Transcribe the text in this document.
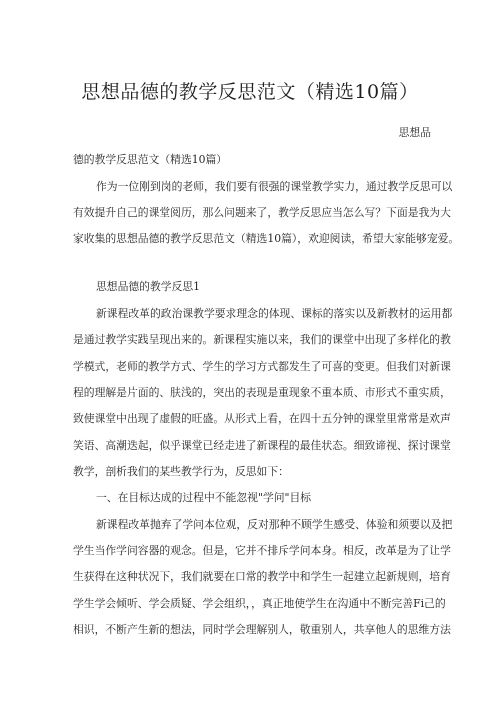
思想品德的教学反思范文（精选10篇）
思想品
德的教学反思范文（精选10篇）
作为一位刚到岗的老师，我们要有很强的课堂教学实力，通过教学反思可以
有效提升自己的课堂阅历，那么问题来了，教学反思应当怎么写？下面是我为大
家收集的思想品德的教学反思范文（精选10篇），欢迎阅读，希望大家能够宠爱。
思想品德的教学反思1
新课程改革的政治课教学要求理念的体现、课标的落实以及新教材的运用都
是通过教学实践呈现出来的。新课程实施以来，我们的课堂中出现了多样化的教
学模式，老师的教学方式、学生的学习方式都发生了可喜的变更。但我们对新课
程的理解是片面的、肤浅的，突出的表现是重现象不重本质、市形式不重实质，
致使课堂中出现了虚假的旺盛。从形式上看，在四十五分钟的课堂里常常是欢声
笑语、高潮迭起，似乎课堂已经走进了新课程的最佳状态。细致谛视、探讨课堂
教学，剖析我们的某些教学行为，反思如下：
一、在目标达成的过程中不能忽视"学问"目标
新课程改革抛弃了学问本位观，反对那种不顾学生感受、体验和须要以及把
学生当作学问容器的观念。但是，它并不排斥学问本身。相反，改革是为了让学
生获得在这种状况下，我们就要在口常的教学中和学生一起建立起新规则，培育
学生学会倾听、学会质疑、学会组织，，真正地使学生在沟通中不断完善Fi己的
相识，不断产生新的想法，同时学会理解别人，敬重别人，共享他人的思维方法
